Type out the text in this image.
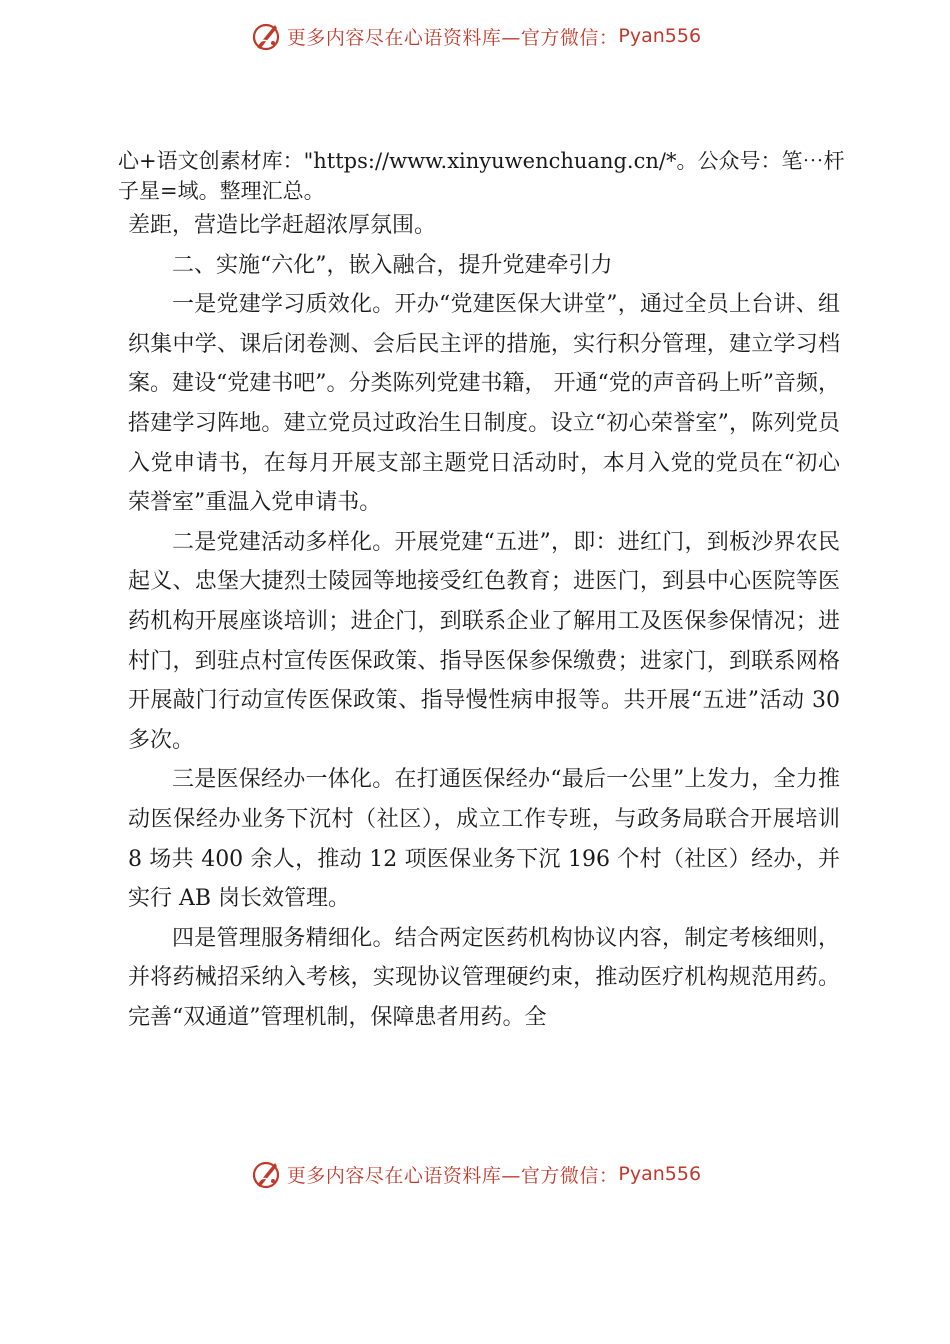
更多内容尽在心语资料库—官方微信： Pyan556
心+语文创素材库："https://www.xinyuwenchuang.cn/*。公众号：笔⋯杆子星=域。整理汇总。

差距，营造比学赶超浓厚氛围。

二、实施“六化”，嵌入融合，提升党建牵引力

一是党建学习质效化。开办“党建医保大讲堂”，通过全员上台讲、组织集中学、课后闭卷测、会后民主评的措施，实行积分管理，建立学习档案。建设“党建书吧”。分类陈列党建书籍， 开通“党的声音码上听”音频，搭建学习阵地。建立党员过政治生日制度。设立“初心荣誉室”，陈列党员入党申请书，在每月开展支部主题党日活动时，本月入党的党员在“初心荣誉室”重温入党申请书。

二是党建活动多样化。开展党建“五进”，即：进红门，到板沙界农民起义、忠堡大捷烈士陵园等地接受红色教育；进医门，到县中心医院等医药机构开展座谈培训；进企门，到联系企业了解用工及医保参保情况；进村门，到驻点村宣传医保政策、指导医保参保缴费；进家门，到联系网格开展敲门行动宣传医保政策、指导慢性病申报等。共开展“五进”活动 30 多次。

三是医保经办一体化。在打通医保经办“最后一公里”上发力，全力推动医保经办业务下沉村（社区），成立工作专班，与政务局联合开展培训 8 场共 400 余人，推动 12 项医保业务下沉 196 个村（社区）经办，并实行 AB 岗长效管理。

四是管理服务精细化。结合两定医药机构协议内容，制定考核细则，并将药械招采纳入考核，实现协议管理硬约束，推动医疗机构规范用药。完善“双通道”管理机制，保障患者用药。全

更多内容尽在心语资料库—官方微信： Pyan556
